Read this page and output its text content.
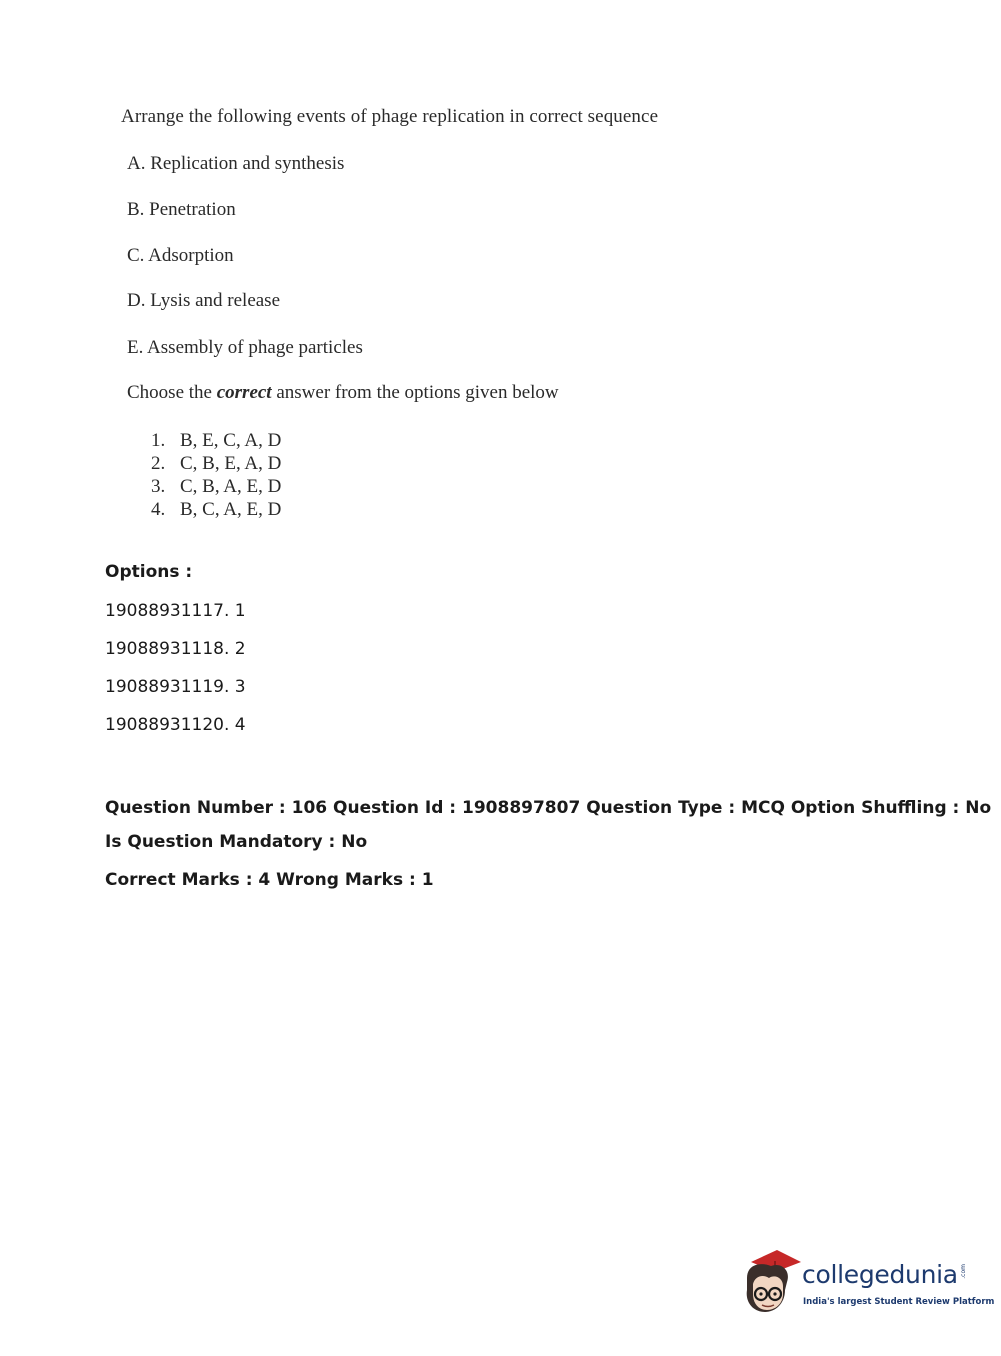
Arrange the following events of phage replication in correct sequence
A. Replication and synthesis
B. Penetration
C. Adsorption
D. Lysis and release
E. Assembly of phage particles
Choose the correct answer from the options given below
1. B, E, C, A, D
2. C, B, E, A, D
3. C, B, A, E, D
4. B, C, A, E, D
Options :
19088931117. 1
19088931118. 2
19088931119. 3
19088931120. 4
Question Number : 106 Question Id : 1908897807 Question Type : MCQ Option Shuffling : No
Is Question Mandatory : No
Correct Marks : 4 Wrong Marks : 1
collegedunia .com
India's largest Student Review Platform
